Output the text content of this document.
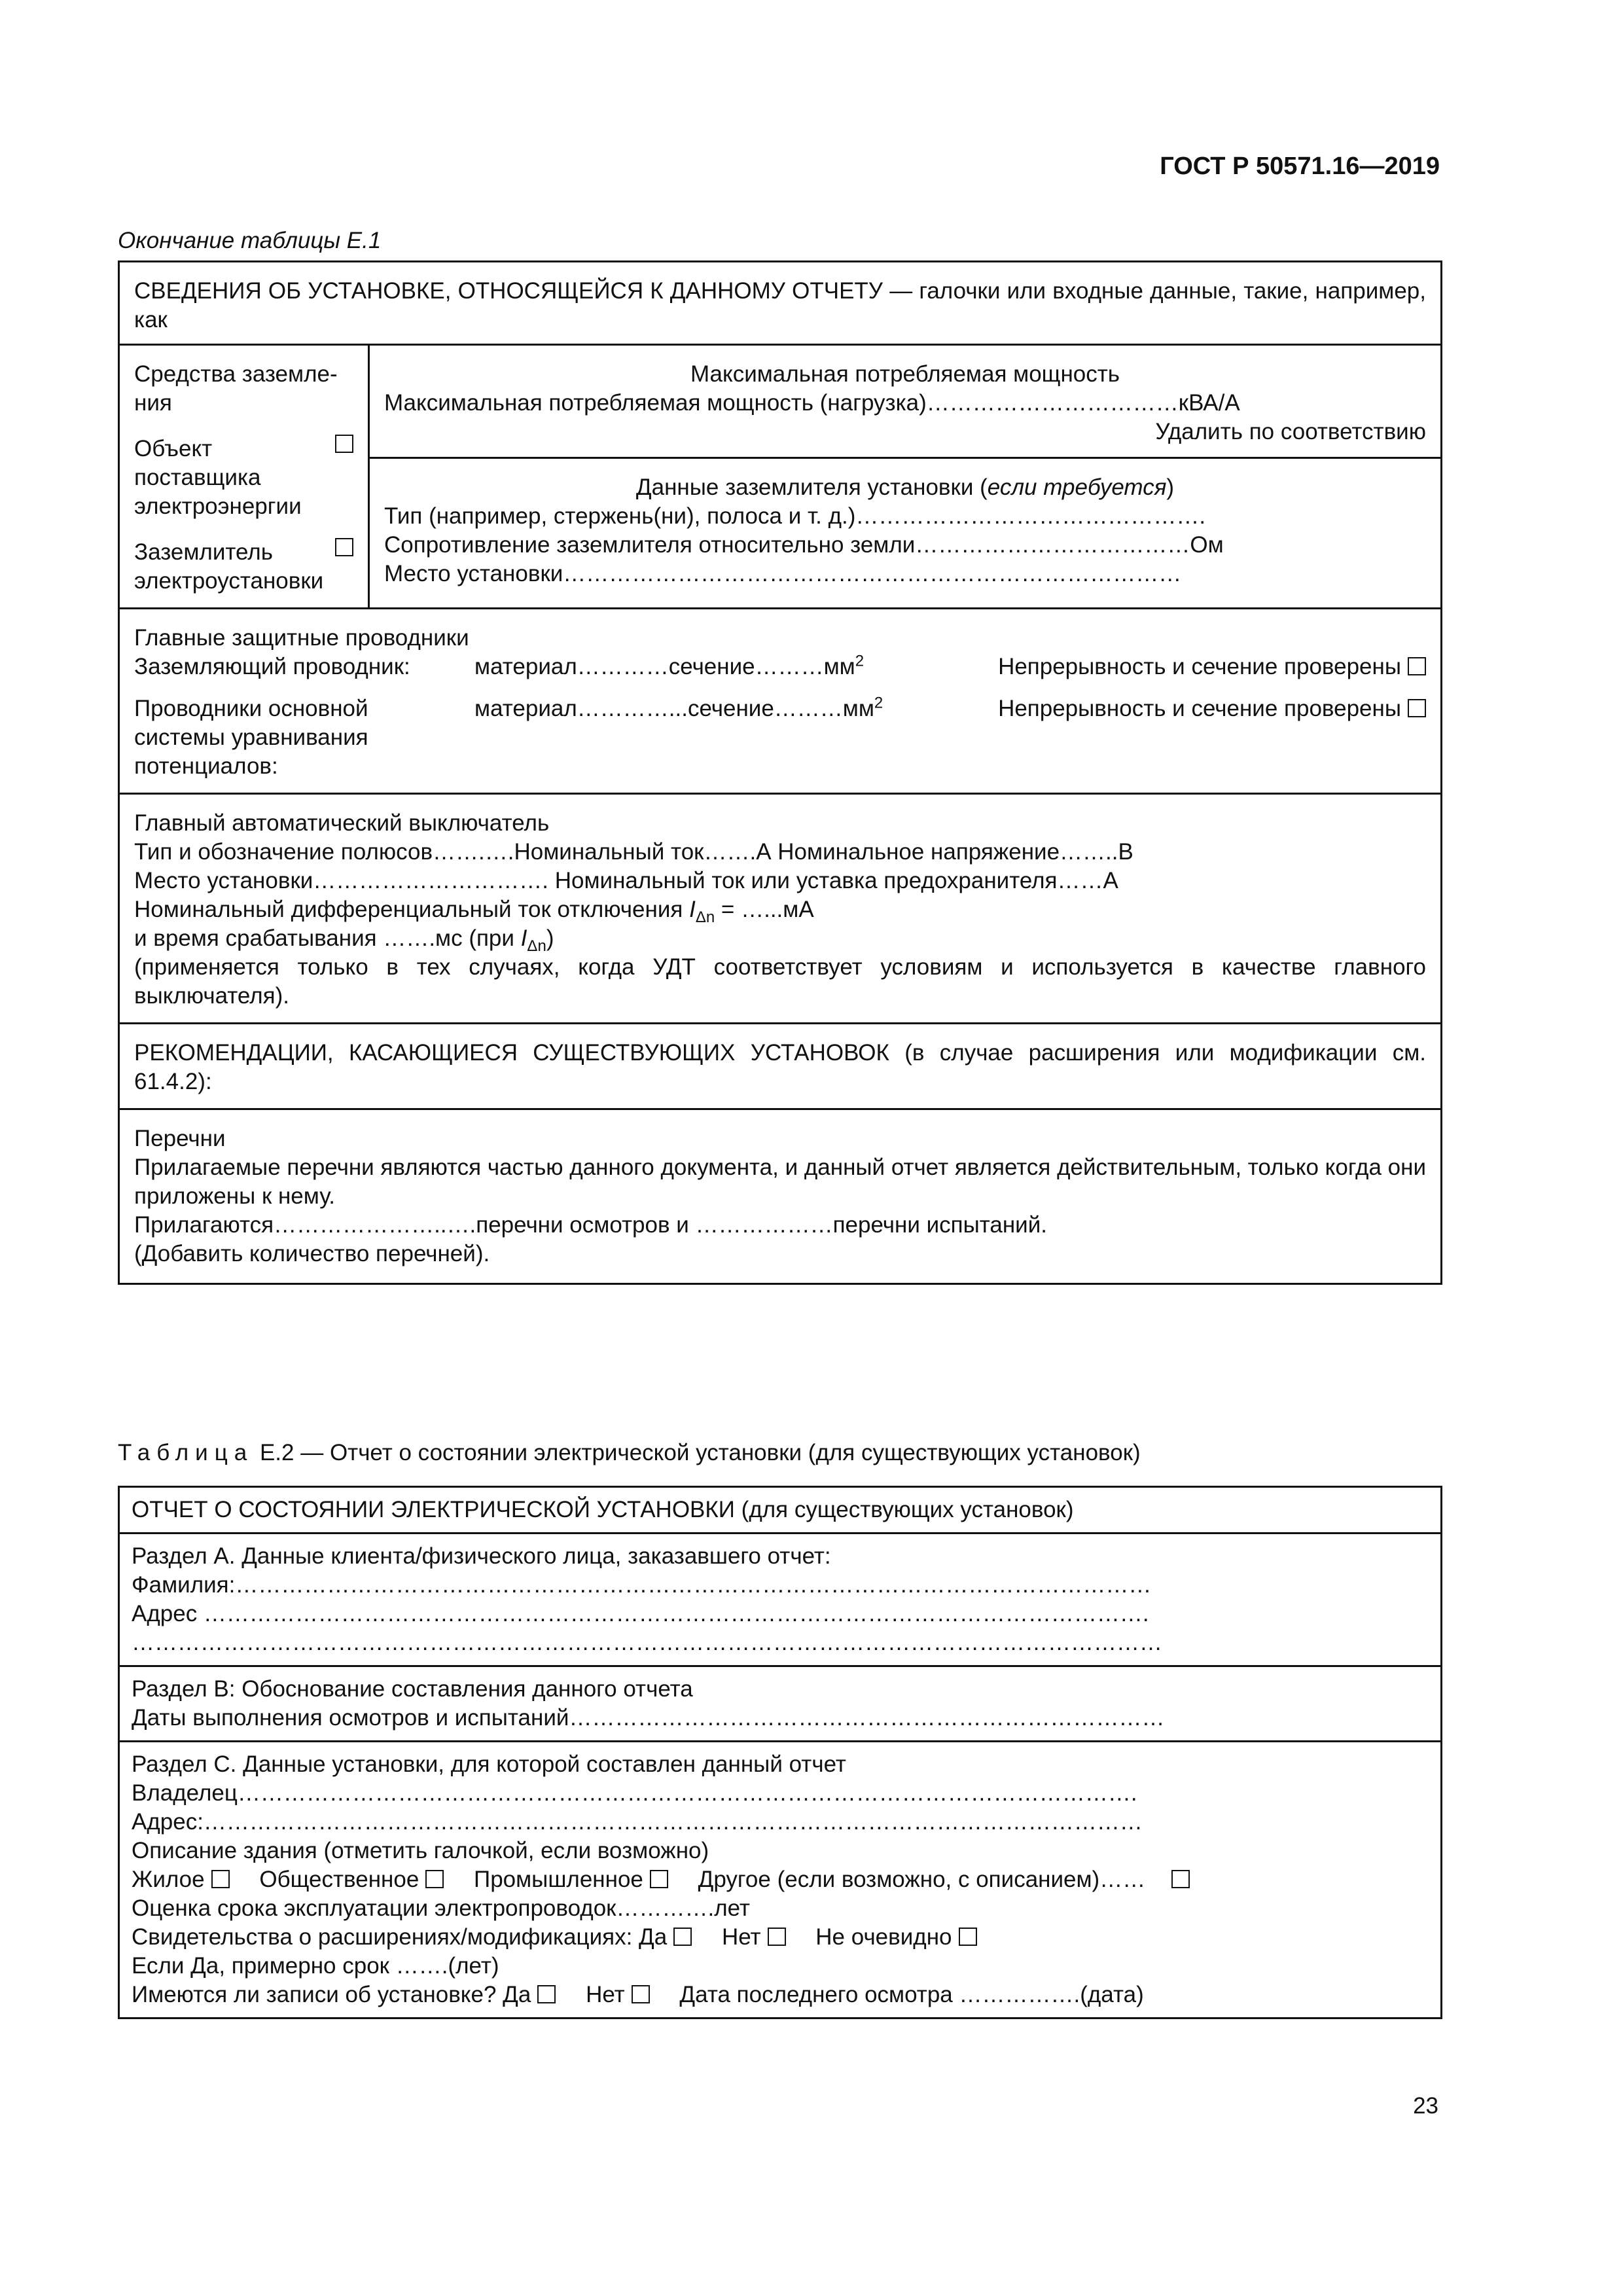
ГОСТ Р 50571.16—2019
Окончание таблицы Е.1
СВЕДЕНИЯ ОБ УСТАНОВКЕ, ОТНОСЯЩЕЙСЯ К ДАННОМУ ОТЧЕТУ — галочки или входные данные, такие, например, как

Средства заземле-
ния
Объект
поставщика
электроэнергии
Заземлитель
электроустановки

Максимальная потребляемая мощность
Максимальная потребляемая мощность (нагрузка)……………………………кВА/А
Удалить по соответствию

Данные заземлителя установки (если требуется)
Тип (например, стержень(ни), полоса и т. д.)……………………………………….
Сопротивление заземлителя относительно земли………………………………Ом
Место установки………………………………………………………………………

Главные защитные проводники
Заземляющий проводник:	$материал\dots\dots\dots\dots сечение\dots\dots\dots мм^2$	Непрерывность и сечение проверены
Проводники основной
системы уравнивания
потенциалов:
$материал\dots\dots\dots\dots...сечение\dots\dots\dots мм^2$	Непрерывность и сечение проверены

Главный автоматический выключатель
Тип и обозначение полюсов…….….Номинальный ток…….А Номинальное напряжение……..В
Место установки…………………………. Номинальный ток или уставка предохранителя……А
Номинальный дифференциальный ток отключения $I_{\Delta n}$ = …...мА
и время срабатывания …….мс (при $I_{\Delta n}$)
(применяется только в тех случаях, когда УДТ соответствует условиям и используется в качестве главного выключателя).

РЕКОМЕНДАЦИИ, КАСАЮЩИЕСЯ СУЩЕСТВУЮЩИХ УСТАНОВОК (в случае расширения или модификации см. 61.4.2):

Перечни
Прилагаемые перечни являются частью данного документа, и данный отчет является действительным, только когда они приложены к нему.
Прилагаются…………………..….перечни осмотров и ………………перечни испытаний.
(Добавить количество перечней).
Таблица Е.2 — Отчет о состоянии электрической установки (для существующих установок)
ОТЧЕТ О СОСТОЯНИИ ЭЛЕКТРИЧЕСКОЙ УСТАНОВКИ (для существующих установок)

Раздел А. Данные клиента/физического лица, заказавшего отчет:
Фамилия:…………………………………………………………………………………………………………
Адрес …………………………………………………………………………………………………………….
………………………………………………………………………………………………………………………

Раздел В: Обоснование составления данного отчета
Даты выполнения осмотров и испытаний……………………………………………………………………

Раздел С. Данные установки, для которой составлен данный отчет
Владелец……………………………………………………………………………………………………….
Адрес:……………………………………………………………………………………………………………
Описание здания (отметить галочкой, если возможно)
Жилое Общественное Промышленное Другое (если возможно, с описанием)……
Оценка срока эксплуатации электропроводок………….лет
Свидетельства о расширениях/модификациях: Да Нет Не очевидно
Если Да, примерно срок …….(лет)
Имеются ли записи об установке? Да Нет Дата последнего осмотра …………….(дата)
23
